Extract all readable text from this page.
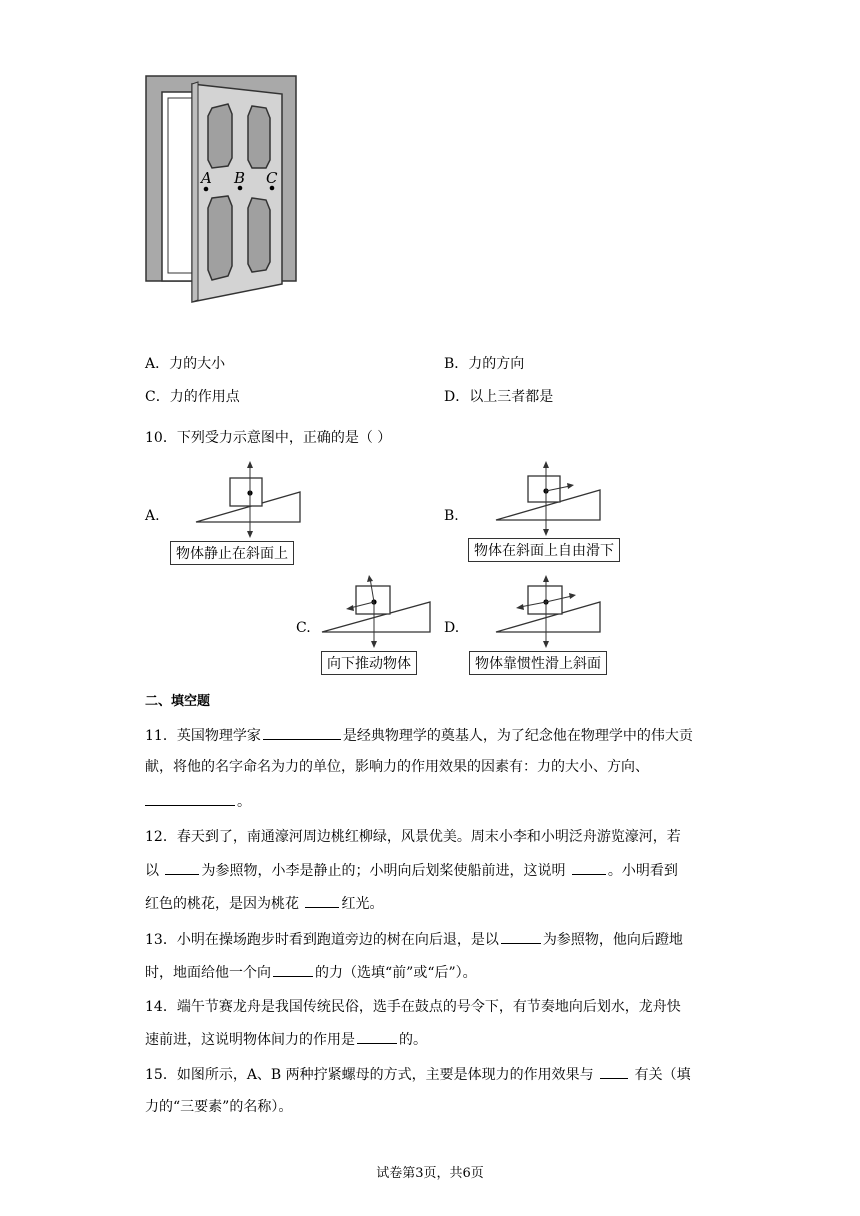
A B C
A．力的大小	B．力的方向
C．力的作用点	D．以上三者都是
10．下列受力示意图中，正确的是（ ）
A.
物体静止在斜面上
B.
物体在斜面上自由滑下
C.
向下推动物体
D.
物体靠惯性滑上斜面
二、填空题
11．英国物理学家	是经典物理学的奠基人，为了纪念他在物理学中的伟大贡
献，将他的名字命名为力的单位，影响力的作用效果的因素有：力的大小、方向、
。
12．春天到了，南通濠河周边桃红柳绿，风景优美。周末小李和小明泛舟游览濠河，若
以	为参照物，小李是静止的；小明向后划桨使船前进，这说明	。小明看到
红色的桃花，是因为桃花	红光。
13．小明在操场跑步时看到跑道旁边的树在向后退，是以	为参照物，他向后蹬地
时，地面给他一个向	的力（选填“前”或“后”）。
14．端午节赛龙舟是我国传统民俗，选手在鼓点的号令下，有节奏地向后划水，龙舟快
速前进，这说明物体间力的作用是	的。
15．如图所示，A、B 两种拧紧螺母的方式，主要是体现力的作用效果与  有关（填
力的“三要素”的名称）。
试卷第3页，共6页
